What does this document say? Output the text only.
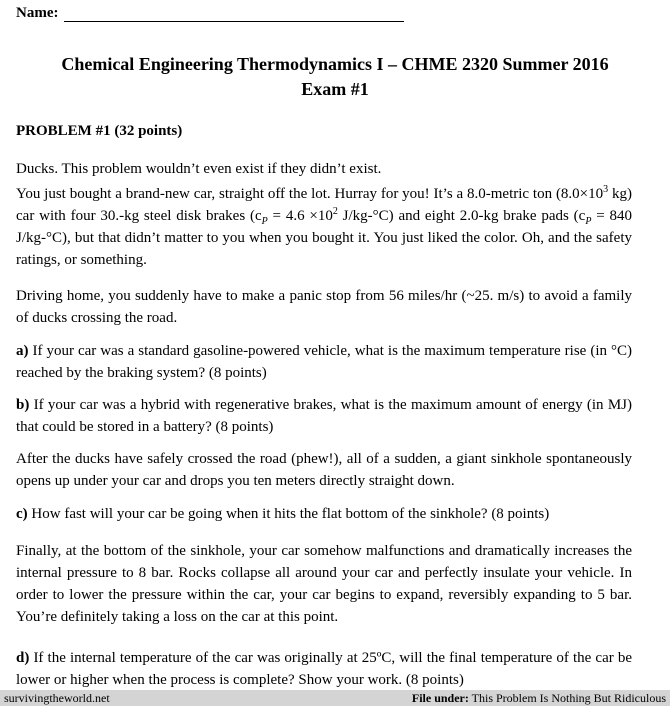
Name:
Chemical Engineering Thermodynamics I – CHME 2320 Summer 2016
Exam #1
PROBLEM #1 (32 points)
Ducks. This problem wouldn’t even exist if they didn’t exist.
You just bought a brand-new car, straight off the lot. Hurray for you! It’s a 8.0-metric ton ($8.0\times 10^3$ kg) car with four 30.-kg steel disk brakes ($c_P = 4.6 \times 10^2$ J/kg-°C) and eight 2.0-kg brake pads ($c_P = 840$ J/kg-°C), but that didn’t matter to you when you bought it. You just liked the color. Oh, and the safety ratings, or something.
Driving home, you suddenly have to make a panic stop from 56 miles/hr (~25. m/s) to avoid a family of ducks crossing the road.
a) If your car was a standard gasoline-powered vehicle, what is the maximum temperature rise (in °C) reached by the braking system? (8 points)
b) If your car was a hybrid with regenerative brakes, what is the maximum amount of energy (in MJ) that could be stored in a battery? (8 points)
After the ducks have safely crossed the road (phew!), all of a sudden, a giant sinkhole spontaneously opens up under your car and drops you ten meters directly straight down.
c) How fast will your car be going when it hits the flat bottom of the sinkhole? (8 points)
Finally, at the bottom of the sinkhole, your car somehow malfunctions and dramatically increases the internal pressure to 8 bar. Rocks collapse all around your car and perfectly insulate your vehicle. In order to lower the pressure within the car, your car begins to expand, reversibly expanding to 5 bar. You’re definitely taking a loss on the car at this point.
d) If the internal temperature of the car was originally at 25ºC, will the final temperature of the car be lower or higher when the process is complete? Show your work. (8 points)
survivingtheworld.net	File under: This Problem Is Nothing But Ridiculous
